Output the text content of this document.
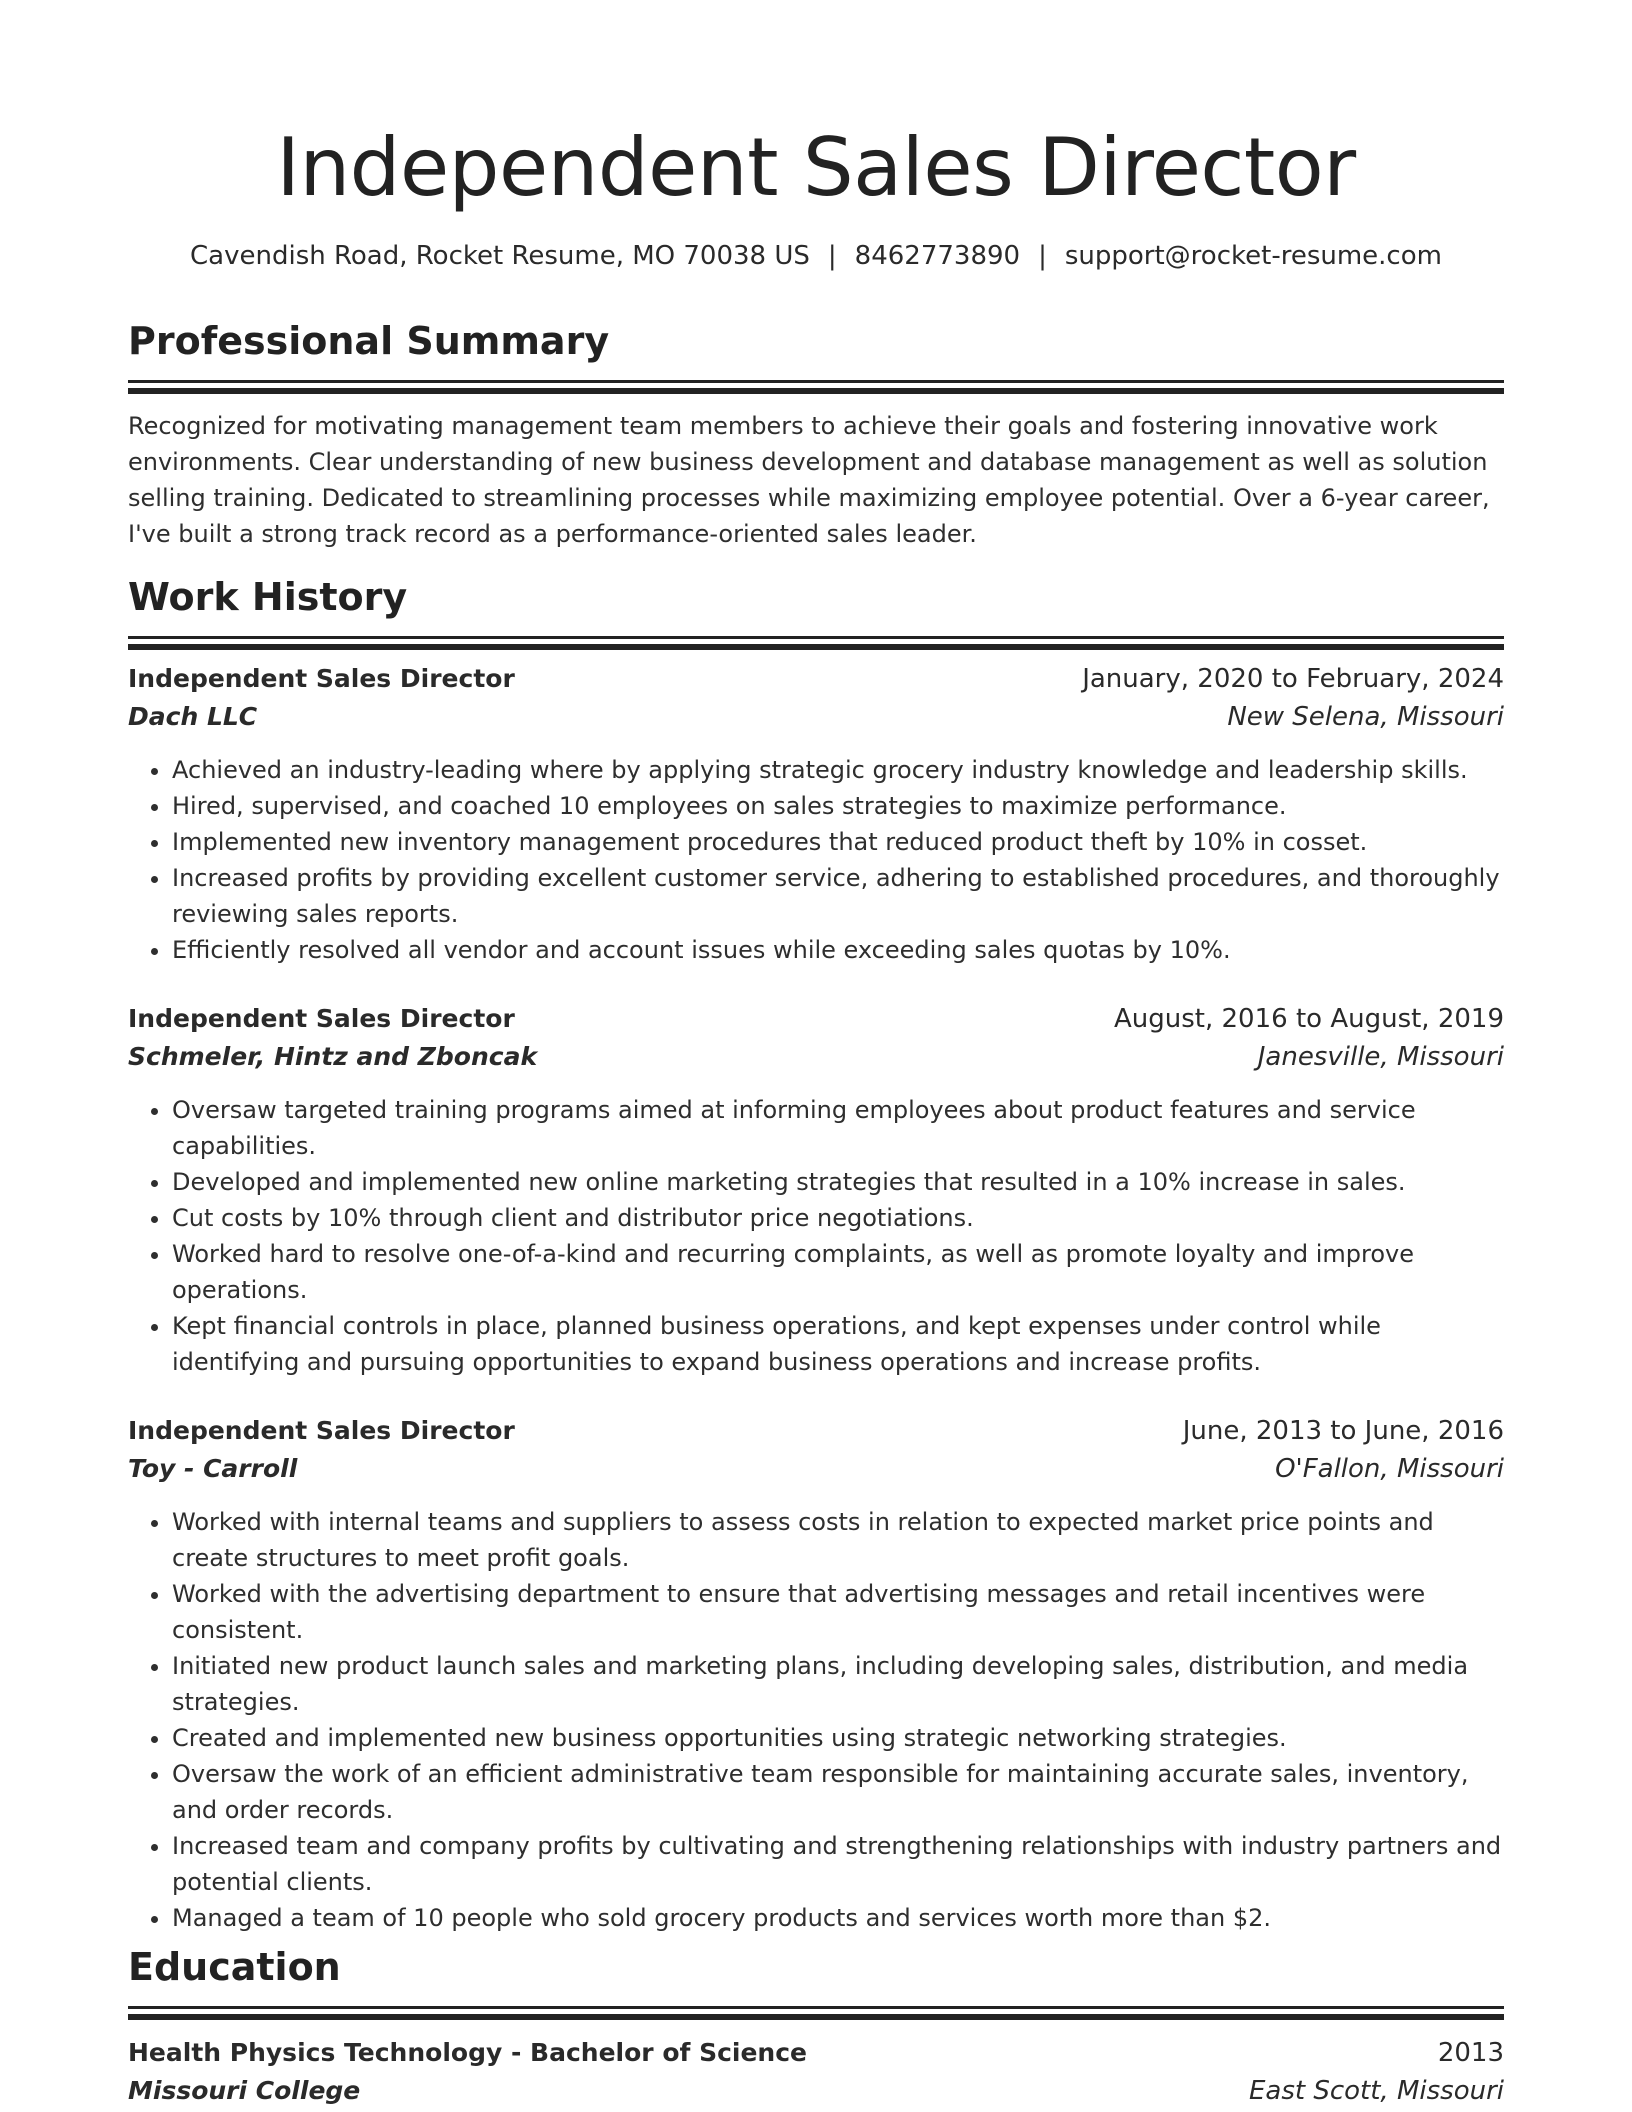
Independent Sales Director
Cavendish Road, Rocket Resume, MO 70038 US | 8462773890 | support@rocket-resume.com
Professional Summary
Recognized for motivating management team members to achieve their goals and fostering innovative work environments. Clear understanding of new business development and database management as well as solution selling training. Dedicated to streamlining processes while maximizing employee potential. Over a 6-year career, I've built a strong track record as a performance-oriented sales leader.
Work History
Independent Sales Director	January, 2020 to February, 2024
Dach LLC	New Selena, Missouri
• Achieved an industry-leading where by applying strategic grocery industry knowledge and leadership skills.
• Hired, supervised, and coached 10 employees on sales strategies to maximize performance.
• Implemented new inventory management procedures that reduced product theft by 10% in cosset.
• Increased profits by providing excellent customer service, adhering to established procedures, and thoroughly reviewing sales reports.
• Efficiently resolved all vendor and account issues while exceeding sales quotas by 10%.
Independent Sales Director	August, 2016 to August, 2019
Schmeler, Hintz and Zboncak	Janesville, Missouri
• Oversaw targeted training programs aimed at informing employees about product features and service capabilities.
• Developed and implemented new online marketing strategies that resulted in a 10% increase in sales.
• Cut costs by 10% through client and distributor price negotiations.
• Worked hard to resolve one-of-a-kind and recurring complaints, as well as promote loyalty and improve operations.
• Kept financial controls in place, planned business operations, and kept expenses under control while identifying and pursuing opportunities to expand business operations and increase profits.
Independent Sales Director	June, 2013 to June, 2016
Toy - Carroll	O'Fallon, Missouri
• Worked with internal teams and suppliers to assess costs in relation to expected market price points and create structures to meet profit goals.
• Worked with the advertising department to ensure that advertising messages and retail incentives were consistent.
• Initiated new product launch sales and marketing plans, including developing sales, distribution, and media strategies.
• Created and implemented new business opportunities using strategic networking strategies.
• Oversaw the work of an efficient administrative team responsible for maintaining accurate sales, inventory, and order records.
• Increased team and company profits by cultivating and strengthening relationships with industry partners and potential clients.
• Managed a team of 10 people who sold grocery products and services worth more than $2.
Education
Health Physics Technology - Bachelor of Science	2013
Missouri College	East Scott, Missouri
